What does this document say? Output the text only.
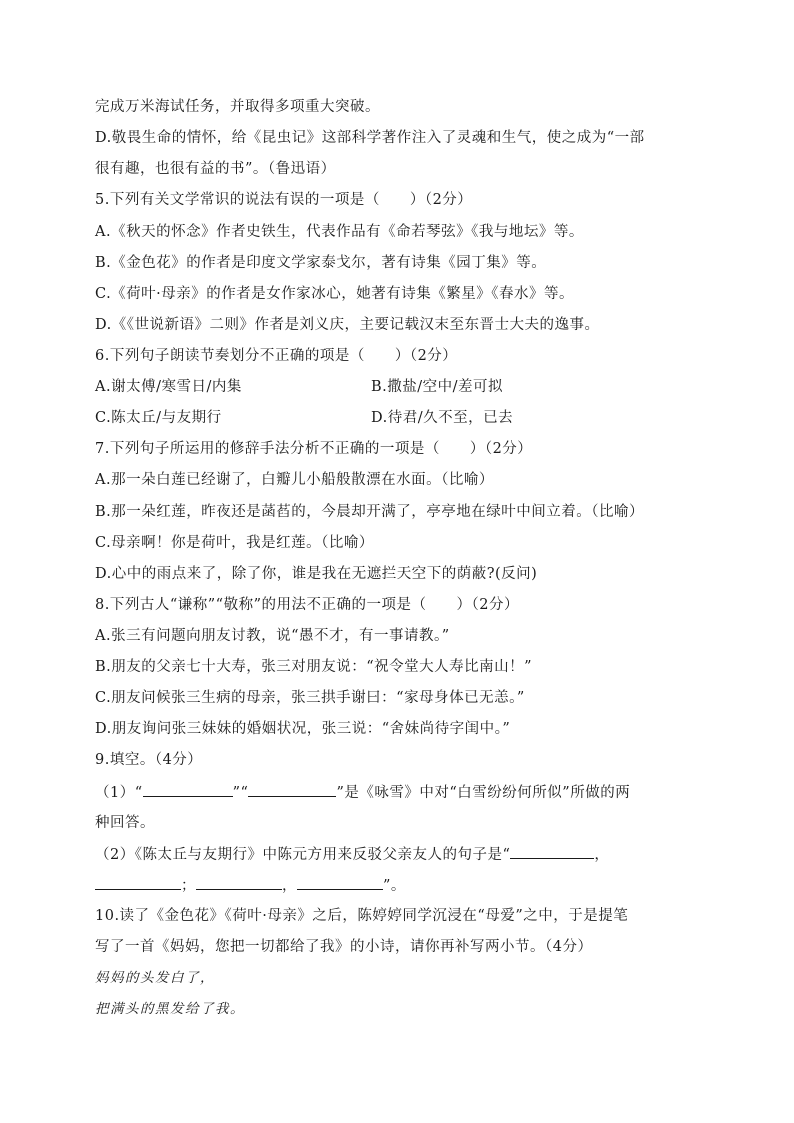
完成万米海试任务，并取得多项重大突破。
D.敬畏生命的情怀，给《昆虫记》这部科学著作注入了灵魂和生气，使之成为“一部
很有趣，也很有益的书”。（鲁迅语）
5.下列有关文学常识的说法有误的一项是（　　）（2分）
A.《秋天的怀念》作者史铁生，代表作品有《命若琴弦》《我与地坛》等。
B.《金色花》的作者是印度文学家泰戈尔，著有诗集《园丁集》等。
C.《荷叶·母亲》的作者是女作家冰心，她著有诗集《繁星》《春水》等。
D.《《世说新语》二则》作者是刘义庆，主要记载汉末至东晋士大夫的逸事。
6.下列句子朗读节奏划分不正确的项是（　　）（2分）
A.谢太傅/寒雪日/内集	B.撒盐/空中/差可拟
C.陈太丘/与友期行	D.待君/久不至，已去
7.下列句子所运用的修辞手法分析不正确的一项是（　　）（2分）
A.那一朵白莲已经谢了，白瓣儿小船般散漂在水面。（比喻）
B.那一朵红莲，昨夜还是菡萏的，今晨却开满了，亭亭地在绿叶中间立着。（比喻）
C.母亲啊！你是荷叶，我是红莲。（比喻）
D.心中的雨点来了，除了你，谁是我在无遮拦天空下的荫蔽?(反问)
8.下列古人“谦称”“敬称”的用法不正确的一项是（　　）（2分）
A.张三有问题向朋友讨教，说“愚不才，有一事请教。”
B.朋友的父亲七十大寿，张三对朋友说：“祝令堂大人寿比南山！”
C.朋友问候张三生病的母亲，张三拱手谢曰：“家母身体已无恙。”
D.朋友询问张三妹妹的婚姻状况，张三说：“舍妹尚待字闺中。”
9.填空。（4分）
（1）“	”“	”是《咏雪》中对“白雪纷纷何所似”所做的两
种回答。
（2）《陈太丘与友期行》中陈元方用来反驳父亲友人的句子是“	，
；	，	”。
10.读了《金色花》《荷叶·母亲》之后，陈婷婷同学沉浸在“母爱”之中，于是提笔
写了一首《妈妈，您把一切都给了我》的小诗，请你再补写两小节。（4分）
妈妈的头发白了，
把满头的黑发给了我。
